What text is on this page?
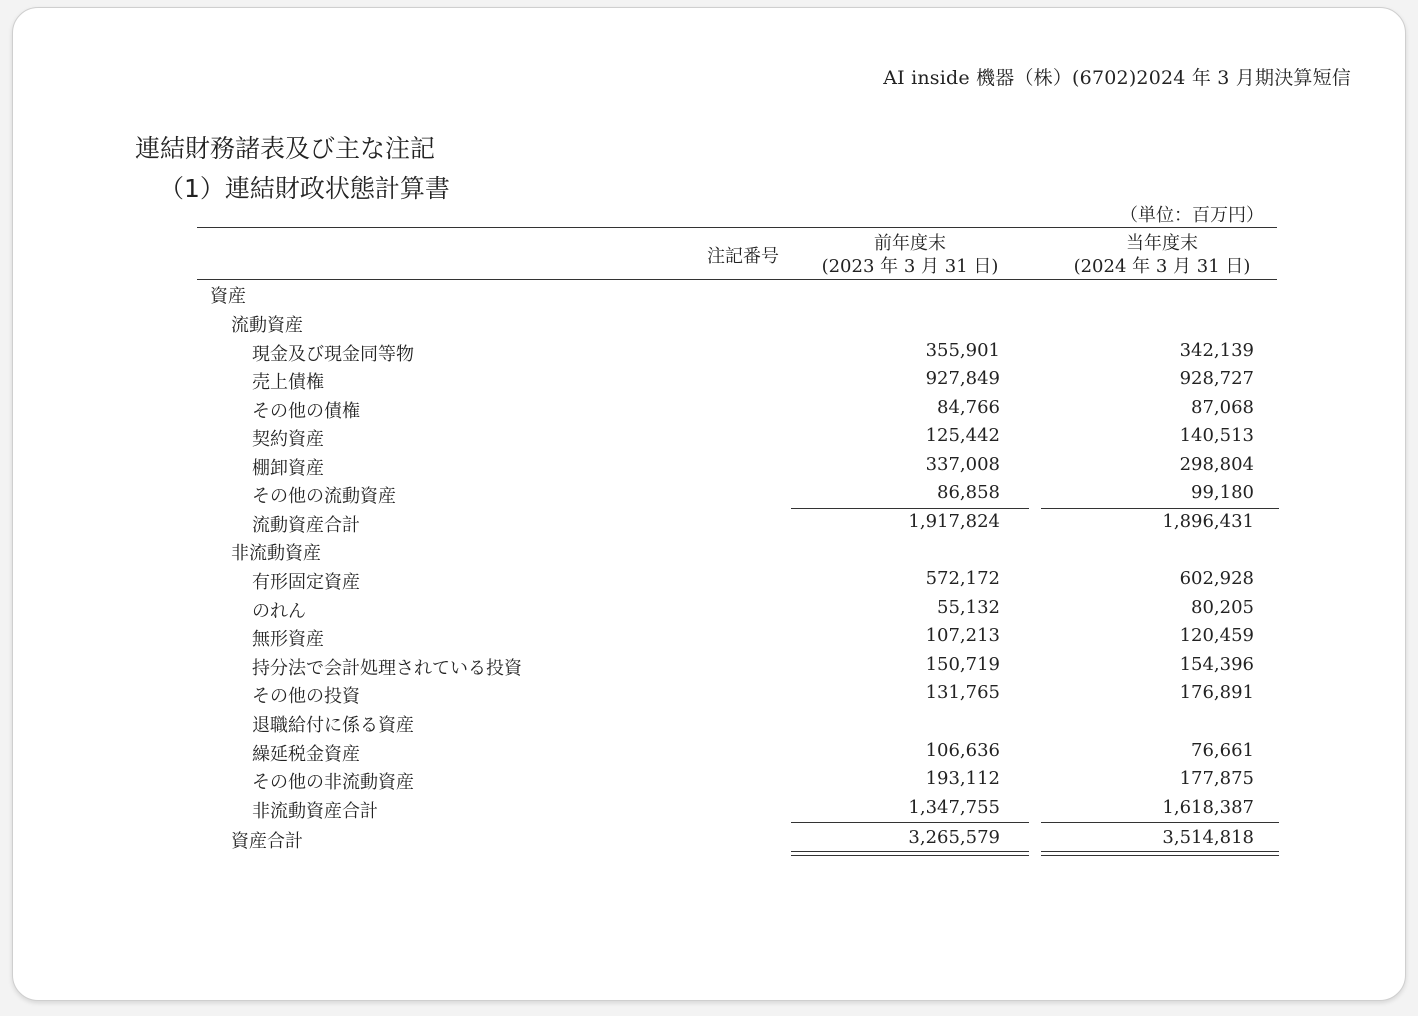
AI inside 機器（株）(6702)2024 年 3 月期決算短信
連結財務諸表及び主な注記
（1）連結財政状態計算書
（単位：百万円）
注記番号
前年度末
(2023 年 3 月 31 日)
当年度末
(2024 年 3 月 31 日)
資産
流動資産
現金及び現金同等物	355,901	342,139
売上債権	927,849	928,727
その他の債権	84,766	87,068
契約資産	125,442	140,513
棚卸資産	337,008	298,804
その他の流動資産	86,858	99,180
流動資産合計	1,917,824	1,896,431
非流動資産
有形固定資産	572,172	602,928
のれん	55,132	80,205
無形資産	107,213	120,459
持分法で会計処理されている投資	150,719	154,396
その他の投資	131,765	176,891
退職給付に係る資産
繰延税金資産	106,636	76,661
その他の非流動資産	193,112	177,875
非流動資産合計	1,347,755	1,618,387
資産合計	3,265,579	3,514,818
